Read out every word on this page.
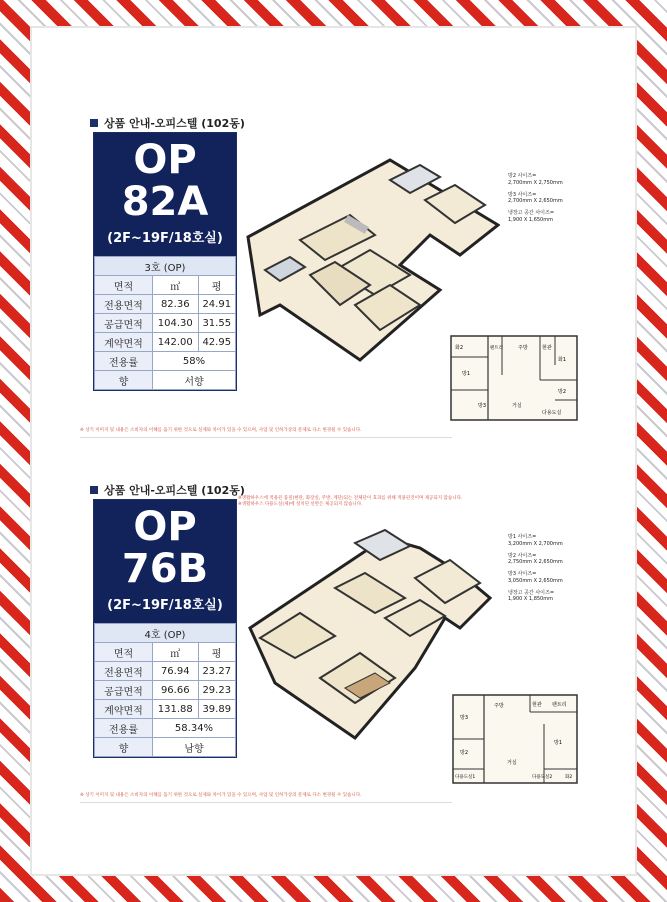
상품 안내-오피스텔 (102동)
OP
82A
(2F~19F/18호실)
3호 (OP)		
면적	㎡	평
전용면적	82.36	24.91
공급면적	104.30	31.55
계약면적	142.00	42.95
전용률	58%	
향	서향	
방2 사이즈=
2,700mm X 2,750mm
방3 사이즈=
2,700mm X 2,650mm
냉장고 공간 사이즈=
1,900 X 1,650mm
화2	팬트리	주방	현관
화1
방1
방3	거실
방2
다용도실
※ 상기 이미지 및 내용은 소비자의 이해를 돕기 위한 것으로 실제와 차이가 있을 수 있으며, 사업 및 인허가상의 문제로 다소 변경될 수 있습니다.
상품 안내-오피스텔 (102동)
※생활하우스에 적용된 품질(현관, 화장실, 주방, 계단)되는 전체단이 효과를 위해 적용된것이며 제공되지 않습니다.
※생활하우스 다용도실(제)에 설치된 선반은 제공되지 않습니다.
OP
76B
(2F~19F/18호실)
4호 (OP)		
면적	㎡	평
전용면적	76.94	23.27
공급면적	96.66	29.23
계약면적	131.88	39.89
전용률	58.34%	
향	남향	
방1 사이즈=
3,200mm X 2,700mm
방2 사이즈=
2,750mm X 2,650mm
방3 사이즈=
3,050mm X 2,650mm
냉장고 공간 사이즈=
1,900 X 1,850mm
방3
주방	현관 팬트리
방1
방2
거실
다용도실1	다용도실2	화2
※ 상기 이미지 및 내용은 소비자의 이해를 돕기 위한 것으로 실제와 차이가 있을 수 있으며, 사업 및 인허가상의 문제로 다소 변경될 수 있습니다.
